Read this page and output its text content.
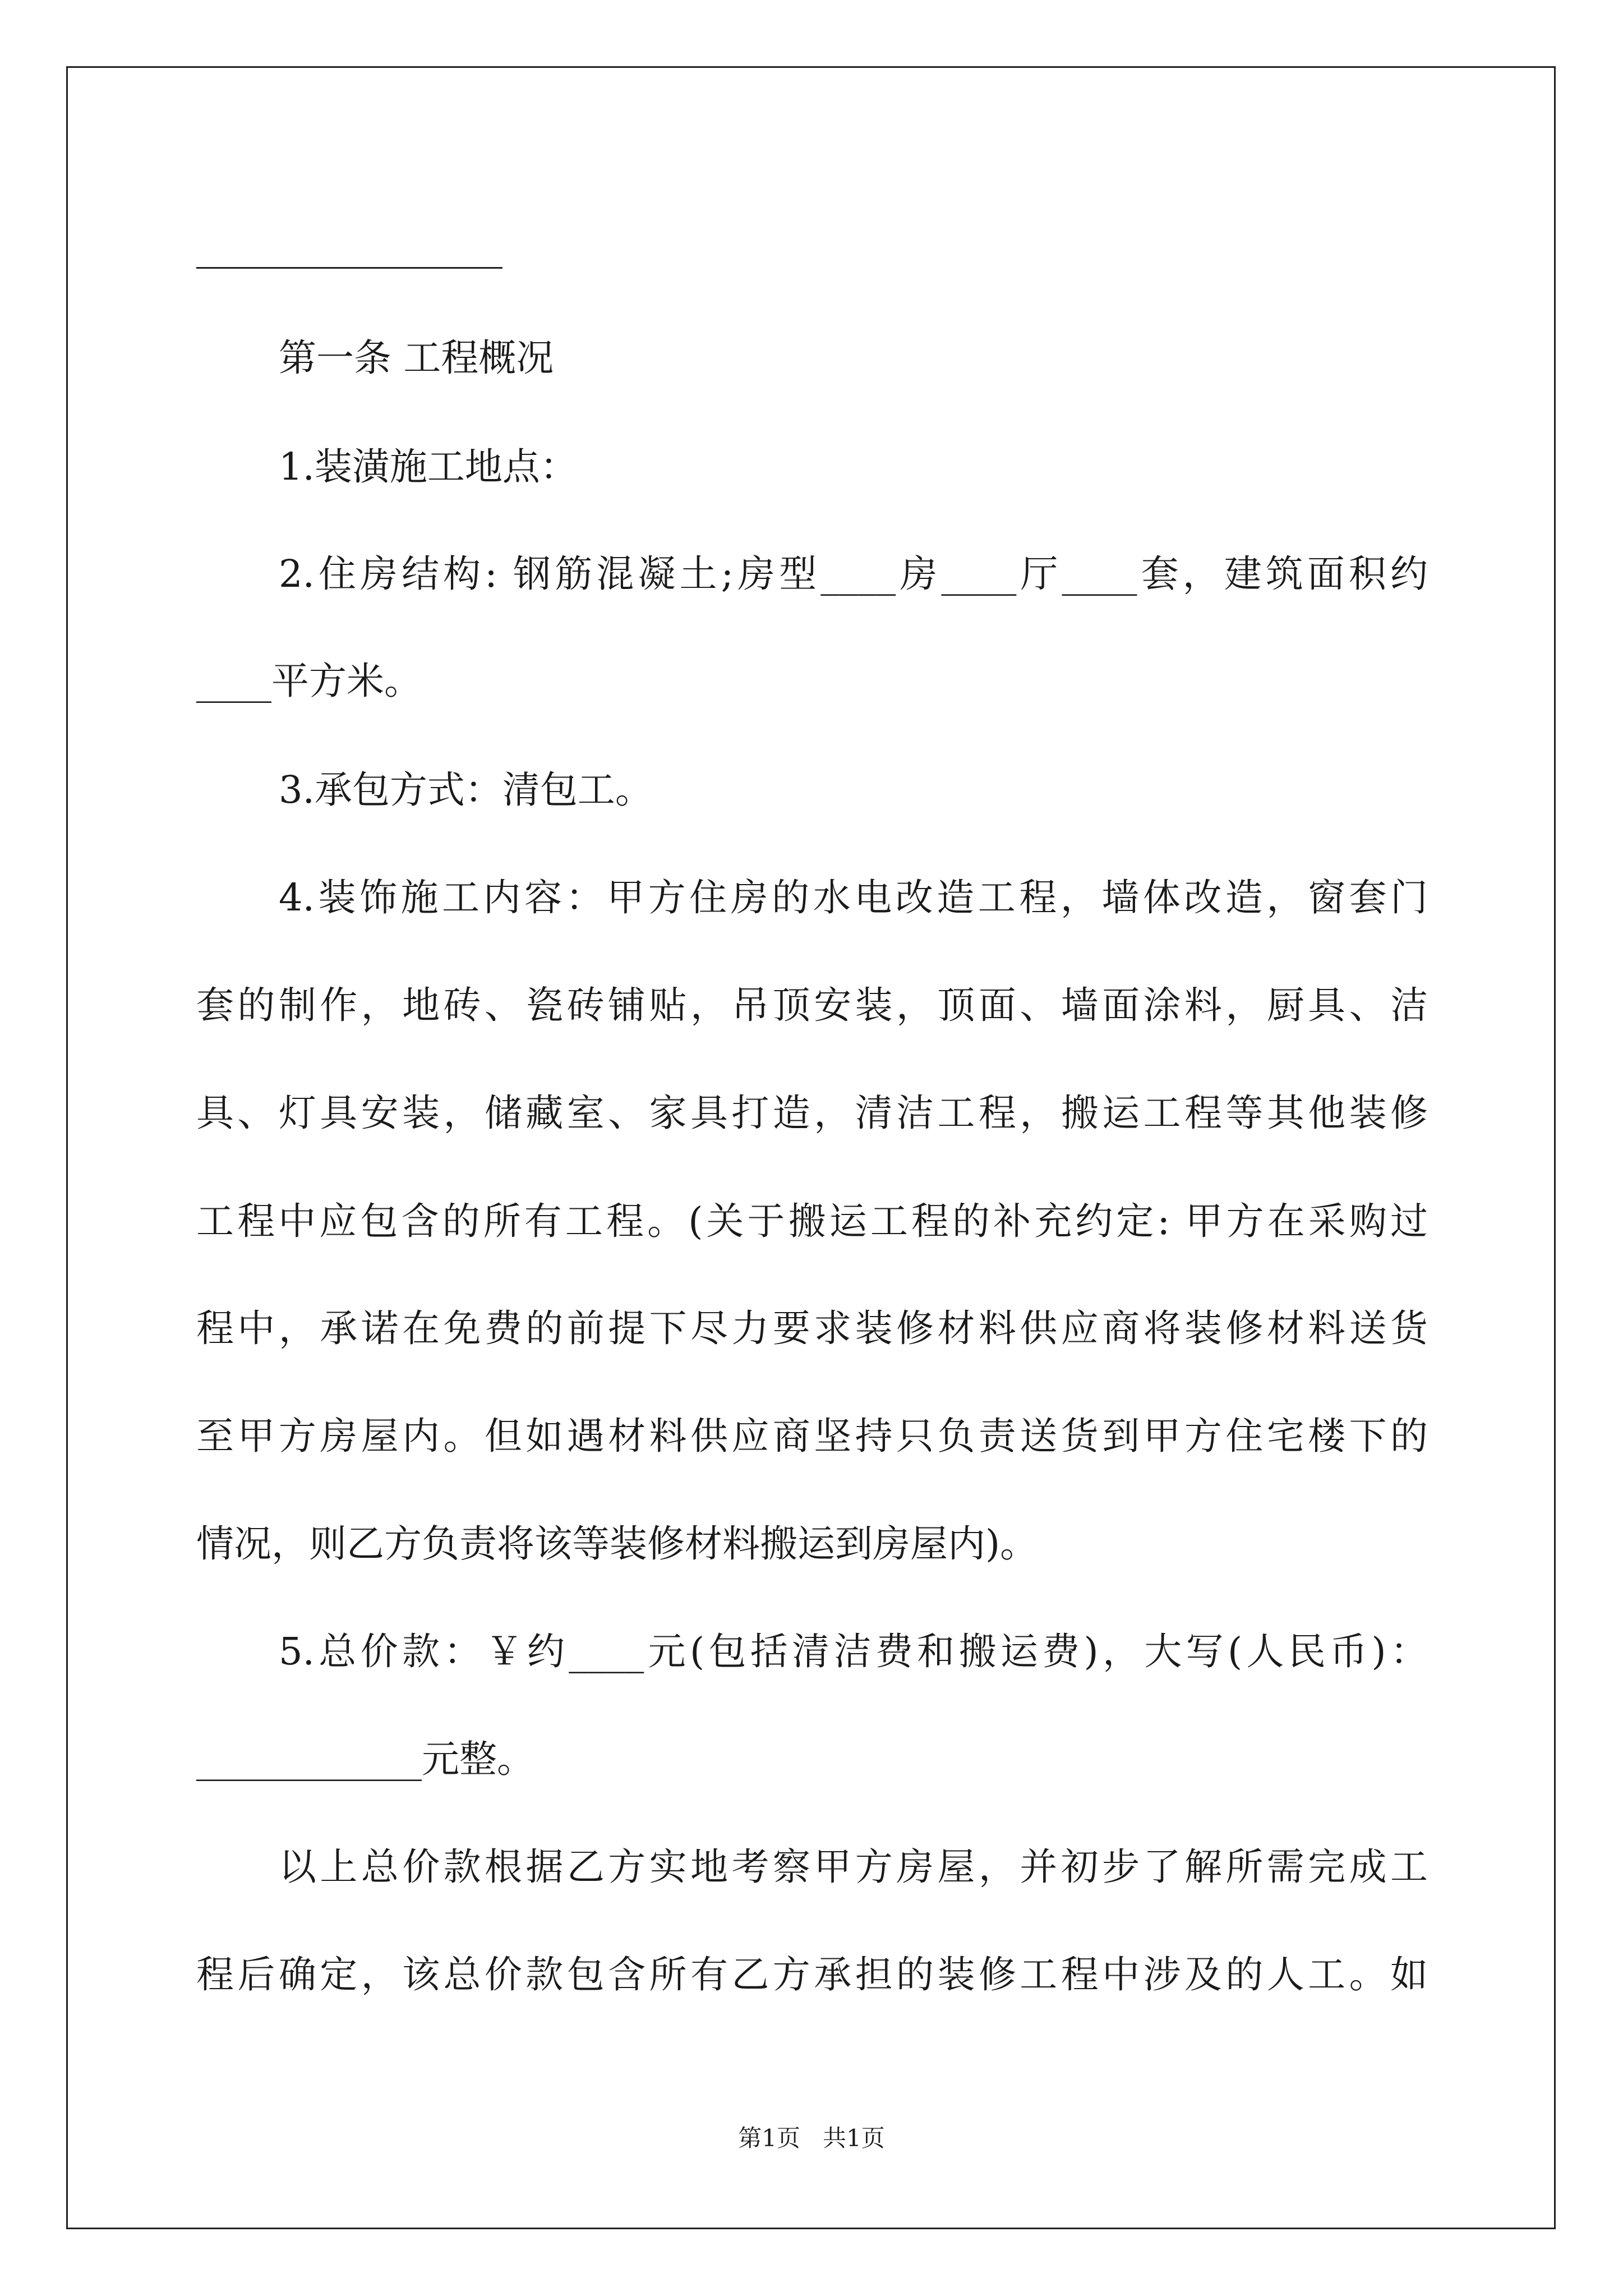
第一条 工程概况
1.装潢施工地点：
2.住房结构: 钢筋混凝土;房型____房____厅____套，建筑面积约
____平方米。
3.承包方式：清包工。
4.装饰施工内容：甲方住房的水电改造工程，墙体改造，窗套门
套的制作，地砖、瓷砖铺贴，吊顶安装，顶面、墙面涂料，厨具、洁
具、灯具安装，储藏室、家具打造，清洁工程，搬运工程等其他装修
工程中应包含的所有工程。(关于搬运工程的补充约定: 甲方在采购过
程中，承诺在免费的前提下尽力要求装修材料供应商将装修材料送货
至甲方房屋内。但如遇材料供应商坚持只负责送货到甲方住宅楼下的
情况，则乙方负责将该等装修材料搬运到房屋内)。
5.总价款：￥约____元(包括清洁费和搬运费)，大写(人民币)：
____________元整。
以上总价款根据乙方实地考察甲方房屋，并初步了解所需完成工
程后确定，该总价款包含所有乙方承担的装修工程中涉及的人工。如
第1页   共1页
